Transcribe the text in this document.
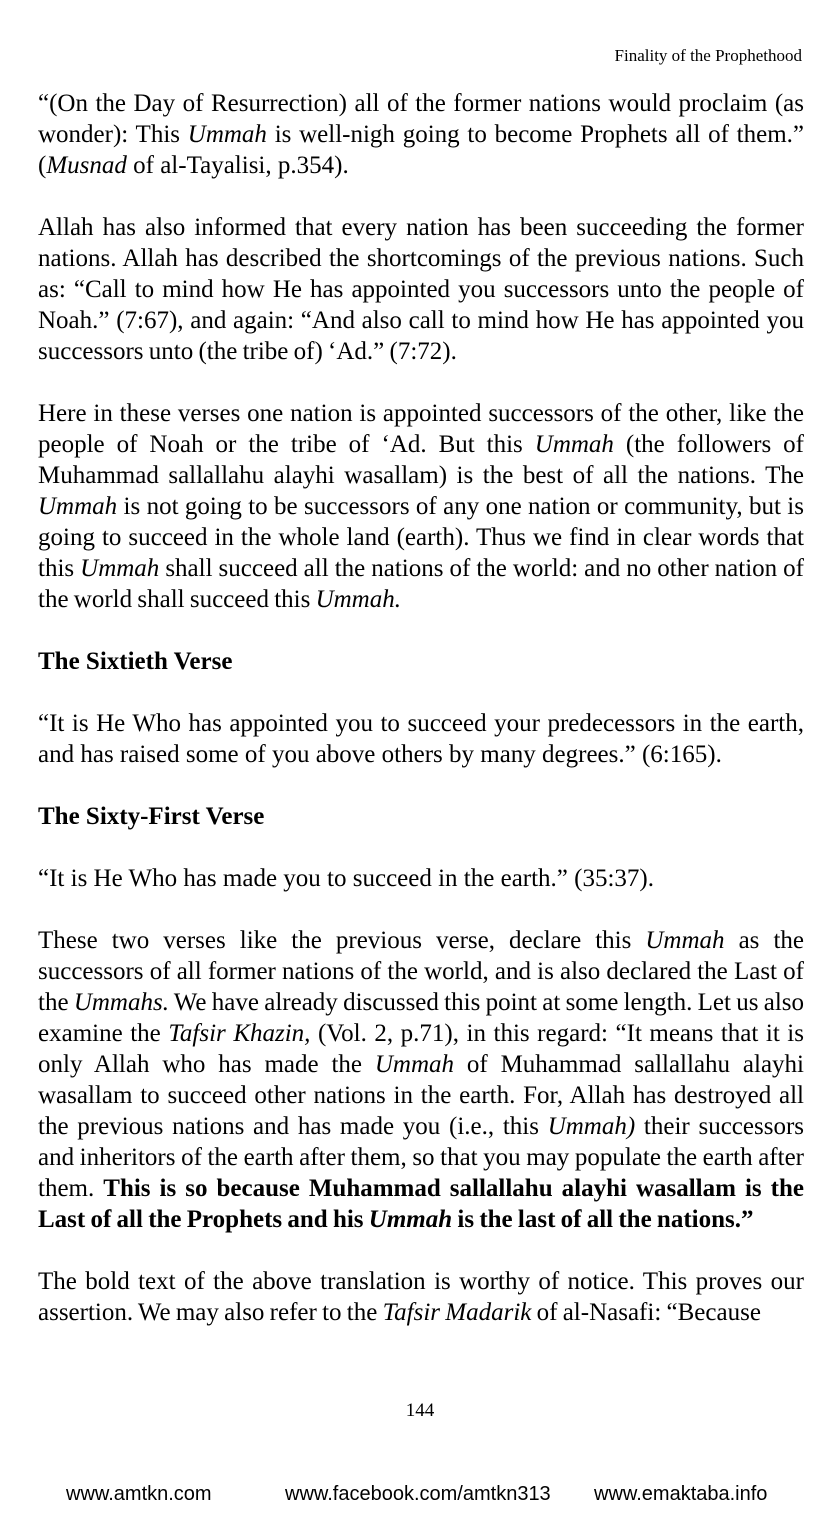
Finality of the Prophethood

“(On the Day of Resurrection) all of the former nations would proclaim (as wonder): This Ummah is well-nigh going to become Prophets all of them.” (Musnad of al-Tayalisi, p.354).

Allah has also informed that every nation has been succeeding the former nations. Allah has described the shortcomings of the previous nations. Such as: “Call to mind how He has appointed you successors unto the people of Noah.” (7:67), and again: “And also call to mind how He has appointed you successors unto (the tribe of) ‘Ad.” (7:72).

Here in these verses one nation is appointed successors of the other, like the people of Noah or the tribe of ‘Ad. But this Ummah (the followers of Muhammad sallallahu alayhi wasallam) is the best of all the nations. The Ummah is not going to be successors of any one nation or community, but is going to succeed in the whole land (earth). Thus we find in clear words that this Ummah shall succeed all the nations of the world: and no other nation of the world shall succeed this Ummah.

The Sixtieth Verse

“It is He Who has appointed you to succeed your predecessors in the earth, and has raised some of you above others by many degrees.” (6:165).

The Sixty-First Verse

“It is He Who has made you to succeed in the earth.” (35:37).

These two verses like the previous verse, declare this Ummah as the successors of all former nations of the world, and is also declared the Last of the Ummahs. We have already discussed this point at some length. Let us also examine the Tafsir Khazin, (Vol. 2, p.71), in this regard: “It means that it is only Allah who has made the Ummah of Muhammad sallallahu alayhi wasallam to succeed other nations in the earth. For, Allah has destroyed all the previous nations and has made you (i.e., this Ummah) their successors and inheritors of the earth after them, so that you may populate the earth after them. This is so because Muhammad sallallahu alayhi wasallam is the Last of all the Prophets and his Ummah is the last of all the nations.”

The bold text of the above translation is worthy of notice. This proves our assertion. We may also refer to the Tafsir Madarik of al-Nasafi: “Because

144
www.amtkn.com	www.facebook.com/amtkn313 www.emaktaba.info
